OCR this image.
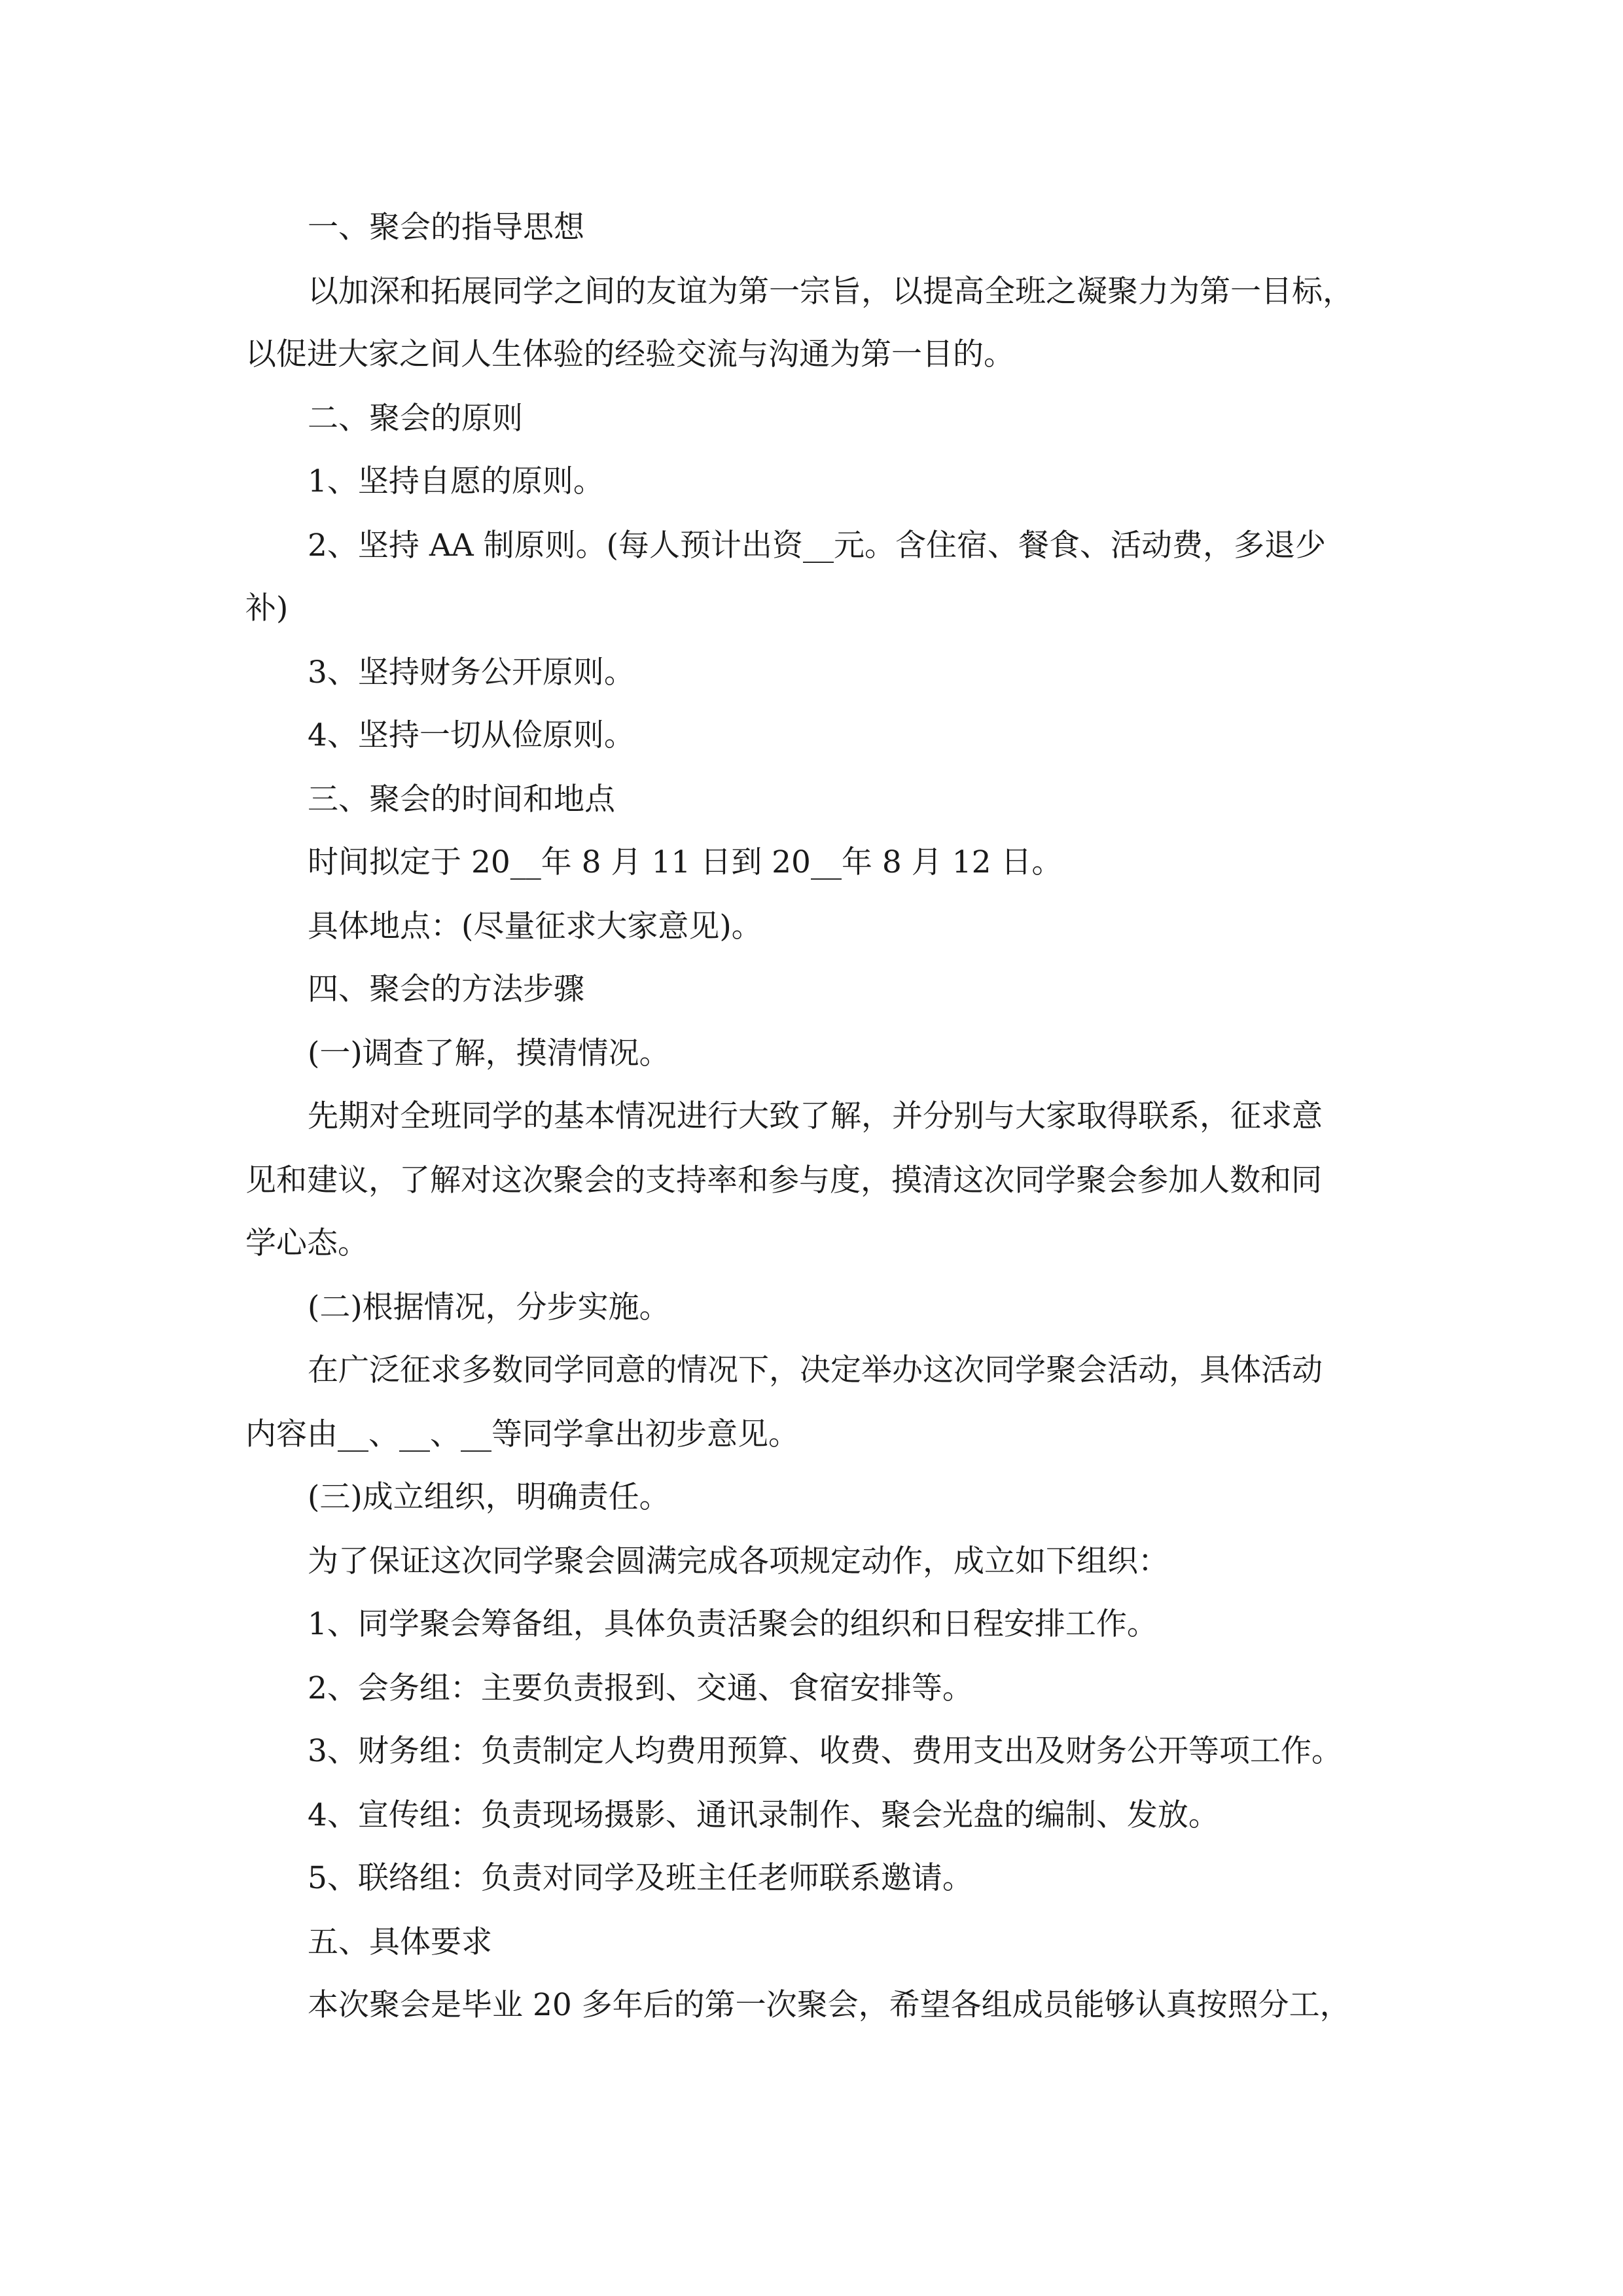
一、聚会的指导思想

以加深和拓展同学之间的友谊为第一宗旨，以提高全班之凝聚力为第一目标，

以促进大家之间人生体验的经验交流与沟通为第一目的。

二、聚会的原则

1、坚持自愿的原则。

2、坚持 AA 制原则。(每人预计出资__元。含住宿、餐食、活动费，多退少

补)

3、坚持财务公开原则。

4、坚持一切从俭原则。

三、聚会的时间和地点

时间拟定于 20__年 8 月 11 日到 20__年 8 月 12 日。

具体地点：(尽量征求大家意见)。

四、聚会的方法步骤

(一)调查了解，摸清情况。

先期对全班同学的基本情况进行大致了解，并分别与大家取得联系，征求意

见和建议，了解对这次聚会的支持率和参与度，摸清这次同学聚会参加人数和同

学心态。

(二)根据情况，分步实施。

在广泛征求多数同学同意的情况下，决定举办这次同学聚会活动，具体活动

内容由__、__、__等同学拿出初步意见。

(三)成立组织，明确责任。

为了保证这次同学聚会圆满完成各项规定动作，成立如下组织：

1、同学聚会筹备组，具体负责活聚会的组织和日程安排工作。

2、会务组：主要负责报到、交通、食宿安排等。

3、财务组：负责制定人均费用预算、收费、费用支出及财务公开等项工作。

4、宣传组：负责现场摄影、通讯录制作、聚会光盘的编制、发放。

5、联络组：负责对同学及班主任老师联系邀请。

五、具体要求

本次聚会是毕业 20 多年后的第一次聚会，希望各组成员能够认真按照分工，
